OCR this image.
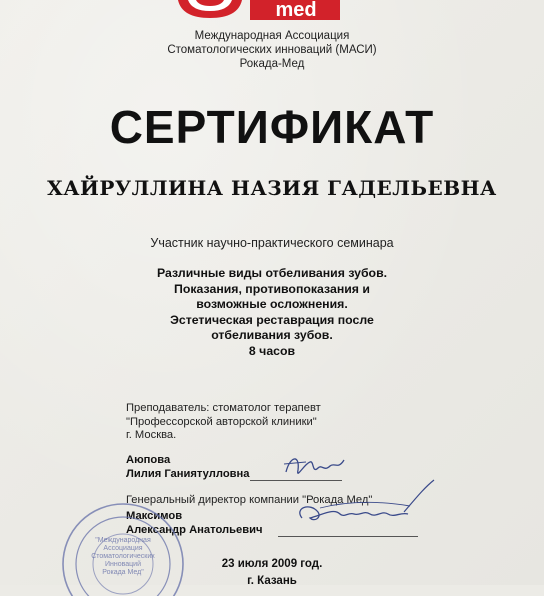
med
Международная Ассоциация
Стоматологических инноваций (МАСИ)
Рокада-Мед
СЕРТИФИКАТ
ХАЙРУЛЛИНА НАЗИЯ ГАДЕЛЬЕВНА
Участник научно-практического семинара
Различные виды отбеливания зубов.
Показания, противопоказания и
возможные осложнения.
Эстетическая реставрация после
отбеливания зубов.
8 часов
Преподаватель: стоматолог терапевт
"Профессорской авторской клиники"
г. Москва.
Аюпова
Лилия Ганиятулловна
Генеральный директор компании "Рокада Мед"
Максимов
Александр Анатольевич
"Международная
Ассоциация
Стоматологических
Инноваций
Рокада Мед"
23 июля 2009 год.
г. Казань
